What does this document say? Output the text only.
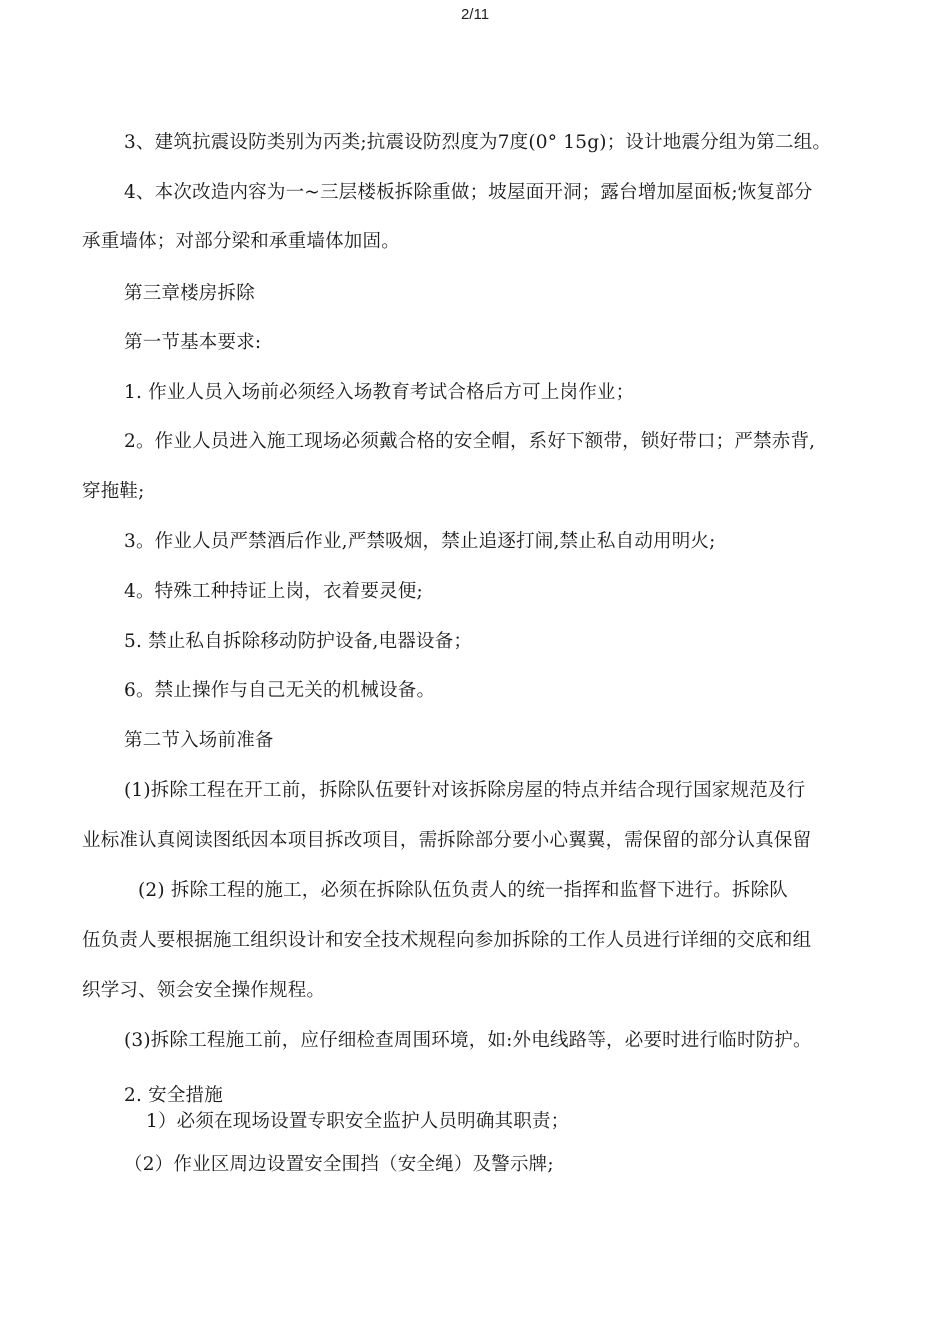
2/11
3、建筑抗震设防类别为丙类;抗震设防烈度为7度(0° 15g)；设计地震分组为第二组。
4、本次改造内容为一~三层楼板拆除重做；坡屋面开洞；露台增加屋面板;恢复部分
承重墙体；对部分梁和承重墙体加固。
第三章楼房拆除
第一节基本要求:
1. 作业人员入场前必须经入场教育考试合格后方可上岗作业；
2。作业人员进入施工现场必须戴合格的安全帽，系好下额带，锁好带口；严禁赤背,
穿拖鞋;
3。作业人员严禁酒后作业,严禁吸烟，禁止追逐打闹,禁止私自动用明火;
4。特殊工种持证上岗，衣着要灵便;
5. 禁止私自拆除移动防护设备,电器设备；
6。禁止操作与自己无关的机械设备。
第二节入场前准备
(1)拆除工程在开工前，拆除队伍要针对该拆除房屋的特点并结合现行国家规范及行
业标准认真阅读图纸因本项目拆改项目，需拆除部分要小心翼翼，需保留的部分认真保留
(2) 拆除工程的施工，必须在拆除队伍负责人的统一指挥和监督下进行。拆除队
伍负责人要根据施工组织设计和安全技术规程向参加拆除的工作人员进行详细的交底和组
织学习、领会安全操作规程。
(3)拆除工程施工前，应仔细检查周围环境，如:外电线路等，必要时进行临时防护。
2. 安全措施
1）必须在现场设置专职安全监护人员明确其职责；
（2）作业区周边设置安全围挡（安全绳）及警示牌;
